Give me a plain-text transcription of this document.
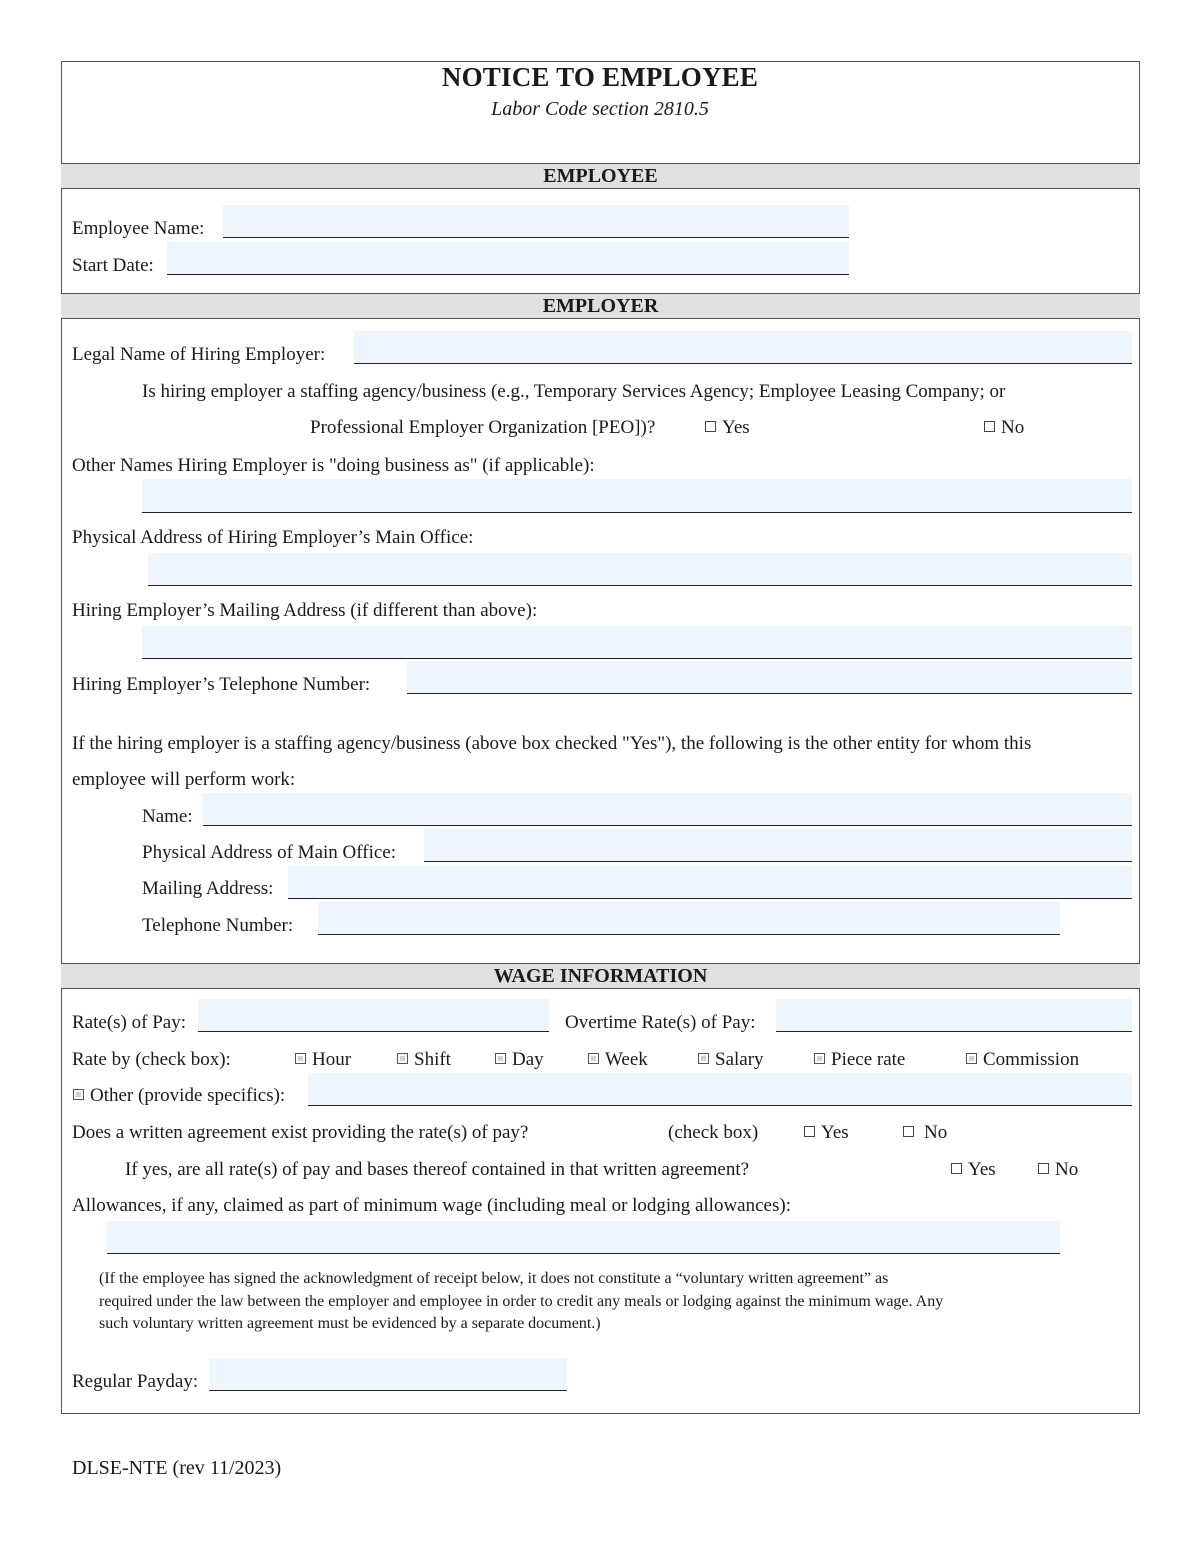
NOTICE TO EMPLOYEE
Labor Code section 2810.5
EMPLOYEE
Employee Name:
Start Date:
EMPLOYER
Legal Name of Hiring Employer:
Is hiring employer a staffing agency/business (e.g., Temporary Services Agency; Employee Leasing Company; or
Professional Employer Organization [PEO])?	Yes	No
Other Names Hiring Employer is "doing business as" (if applicable):
Physical Address of Hiring Employer’s Main Office:
Hiring Employer’s Mailing Address (if different than above):
Hiring Employer’s Telephone Number:
If the hiring employer is a staffing agency/business (above box checked "Yes"), the following is the other entity for whom this
employee will perform work:
Name:
Physical Address of Main Office:
Mailing Address:
Telephone Number:
WAGE INFORMATION
Rate(s) of Pay:	Overtime Rate(s) of Pay:
Rate by (check box):	Hour	Shift	Day	Week	Salary	Piece rate	Commission
Other (provide specifics):
Does a written agreement exist providing the rate(s) of pay?	(check box)	Yes	No
If yes, are all rate(s) of pay and bases thereof contained in that written agreement?	Yes	No
Allowances, if any, claimed as part of minimum wage (including meal or lodging allowances):
(If the employee has signed the acknowledgment of receipt below, it does not constitute a “voluntary written agreement” as
required under the law between the employer and employee in order to credit any meals or lodging against the minimum wage. Any
such voluntary written agreement must be evidenced by a separate document.)
Regular Payday:
DLSE-NTE (rev 11/2023)
